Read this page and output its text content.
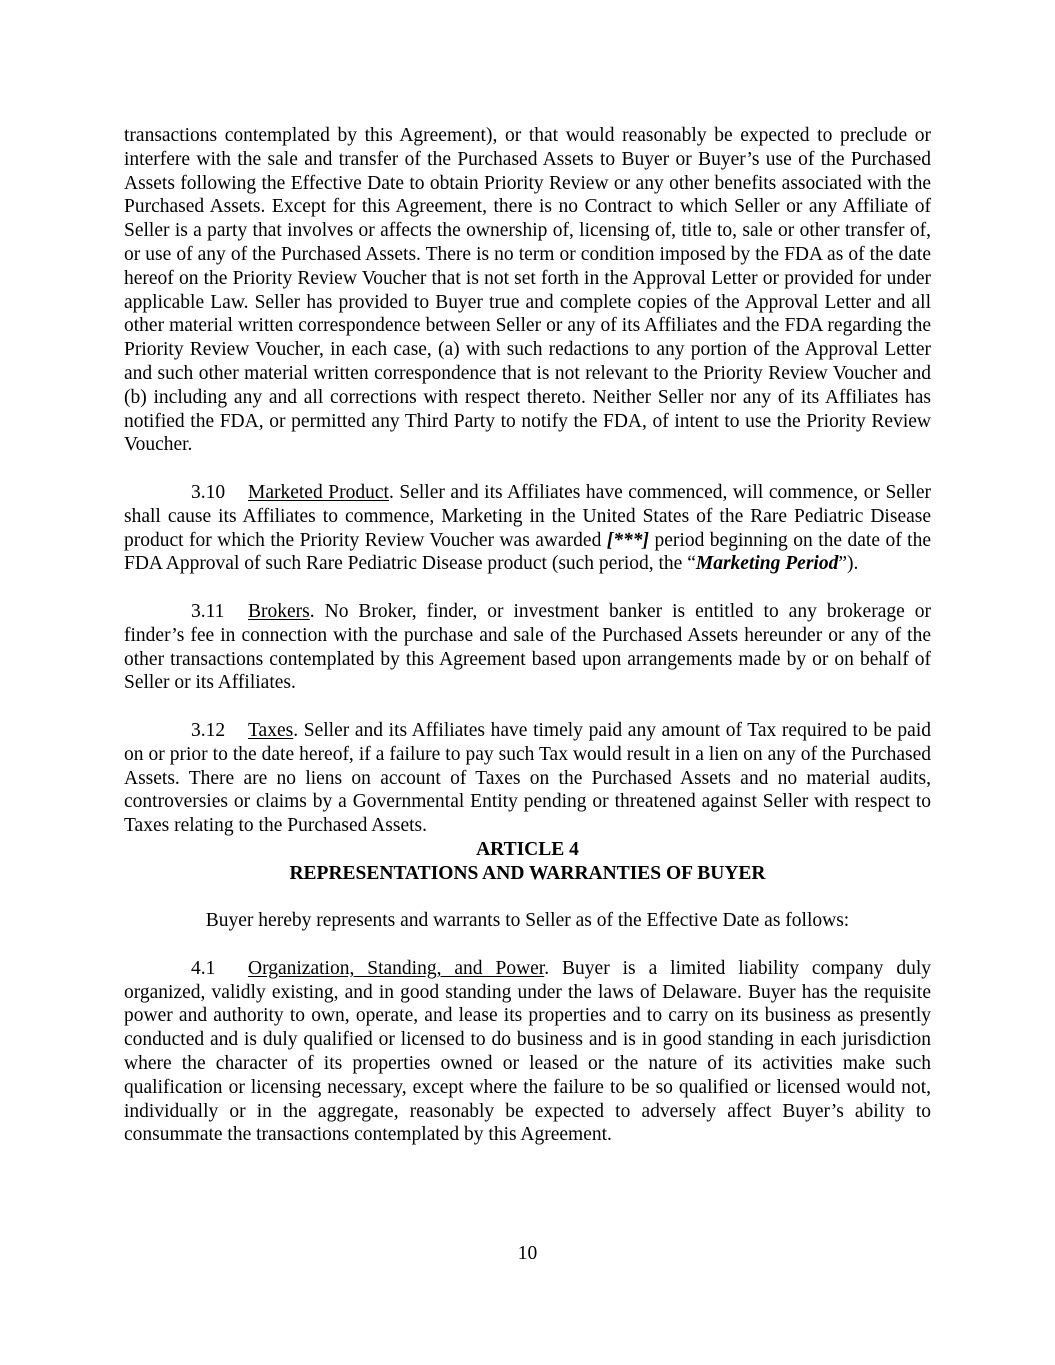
transactions contemplated by this Agreement), or that would reasonably be expected to preclude or interfere with the sale and transfer of the Purchased Assets to Buyer or Buyer’s use of the Purchased Assets following the Effective Date to obtain Priority Review or any other benefits associated with the Purchased Assets. Except for this Agreement, there is no Contract to which Seller or any Affiliate of Seller is a party that involves or affects the ownership of, licensing of, title to, sale or other transfer of, or use of any of the Purchased Assets. There is no term or condition imposed by the FDA as of the date hereof on the Priority Review Voucher that is not set forth in the Approval Letter or provided for under applicable Law. Seller has provided to Buyer true and complete copies of the Approval Letter and all other material written correspondence between Seller or any of its Affiliates and the FDA regarding the Priority Review Voucher, in each case, (a) with such redactions to any portion of the Approval Letter and such other material written correspondence that is not relevant to the Priority Review Voucher and (b) including any and all corrections with respect thereto. Neither Seller nor any of its Affiliates has notified the FDA, or permitted any Third Party to notify the FDA, of intent to use the Priority Review Voucher.

3.10 Marketed Product. Seller and its Affiliates have commenced, will commence, or Seller shall cause its Affiliates to commence, Marketing in the United States of the Rare Pediatric Disease product for which the Priority Review Voucher was awarded [***] period beginning on the date of the FDA Approval of such Rare Pediatric Disease product (such period, the “Marketing Period”).

3.11 Brokers. No Broker, finder, or investment banker is entitled to any brokerage or finder’s fee in connection with the purchase and sale of the Purchased Assets hereunder or any of the other transactions contemplated by this Agreement based upon arrangements made by or on behalf of Seller or its Affiliates.

3.12 Taxes. Seller and its Affiliates have timely paid any amount of Tax required to be paid on or prior to the date hereof, if a failure to pay such Tax would result in a lien on any of the Purchased Assets. There are no liens on account of Taxes on the Purchased Assets and no material audits, controversies or claims by a Governmental Entity pending or threatened against Seller with respect to Taxes relating to the Purchased Assets.

ARTICLE 4

REPRESENTATIONS AND WARRANTIES OF BUYER

Buyer hereby represents and warrants to Seller as of the Effective Date as follows:

4.1 Organization, Standing, and Power. Buyer is a limited liability company duly organized, validly existing, and in good standing under the laws of Delaware. Buyer has the requisite power and authority to own, operate, and lease its properties and to carry on its business as presently conducted and is duly qualified or licensed to do business and is in good standing in each jurisdiction where the character of its properties owned or leased or the nature of its activities make such qualification or licensing necessary, except where the failure to be so qualified or licensed would not, individually or in the aggregate, reasonably be expected to adversely affect Buyer’s ability to consummate the transactions contemplated by this Agreement.

10
